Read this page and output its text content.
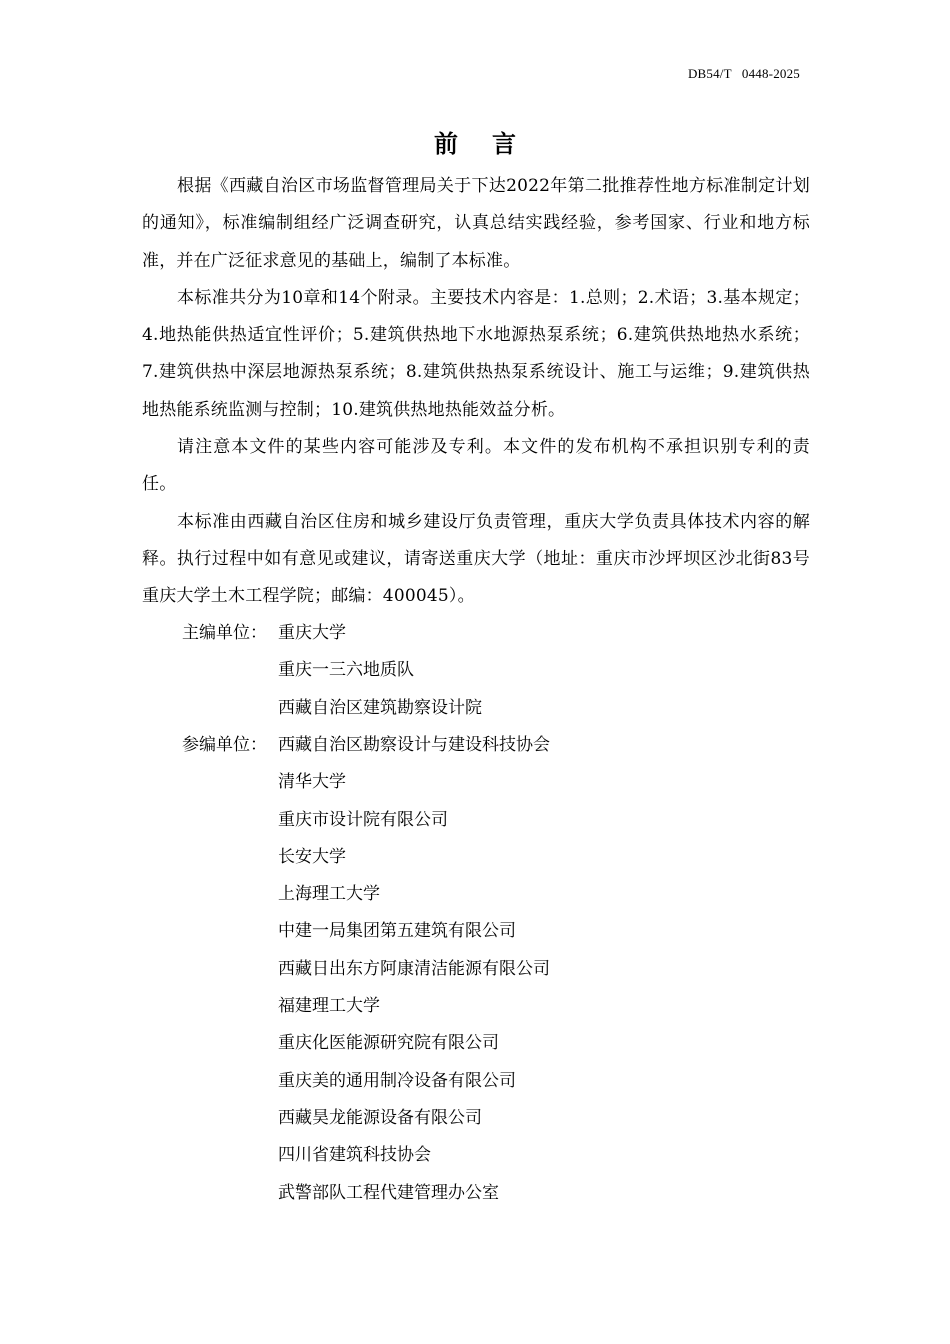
DB54/T   0448-2025
前言

根据《西藏自治区市场监督管理局关于下达2022年第二批推荐性地方标准制定计划的通知》，标准编制组经广泛调查研究，认真总结实践经验，参考国家、行业和地方标准，并在广泛征求意见的基础上，编制了本标准。

本标准共分为10章和14个附录。主要技术内容是：1.总则；2.术语；3.基本规定；4.地热能供热适宜性评价；5.建筑供热地下水地源热泵系统；6.建筑供热地热水系统；7.建筑供热中深层地源热泵系统；8.建筑供热热泵系统设计、施工与运维；9.建筑供热地热能系统监测与控制；10.建筑供热地热能效益分析。

请注意本文件的某些内容可能涉及专利。本文件的发布机构不承担识别专利的责任。

本标准由西藏自治区住房和城乡建设厅负责管理，重庆大学负责具体技术内容的解释。执行过程中如有意见或建议，请寄送重庆大学（地址：重庆市沙坪坝区沙北街83号重庆大学土木工程学院；邮编：400045）。

主编单位： 重庆大学
重庆一三六地质队
西藏自治区建筑勘察设计院
参编单位： 西藏自治区勘察设计与建设科技协会
清华大学
重庆市设计院有限公司
长安大学
上海理工大学
中建一局集团第五建筑有限公司
西藏日出东方阿康清洁能源有限公司
福建理工大学
重庆化医能源研究院有限公司
重庆美的通用制冷设备有限公司
西藏昊龙能源设备有限公司
四川省建筑科技协会
武警部队工程代建管理办公室
